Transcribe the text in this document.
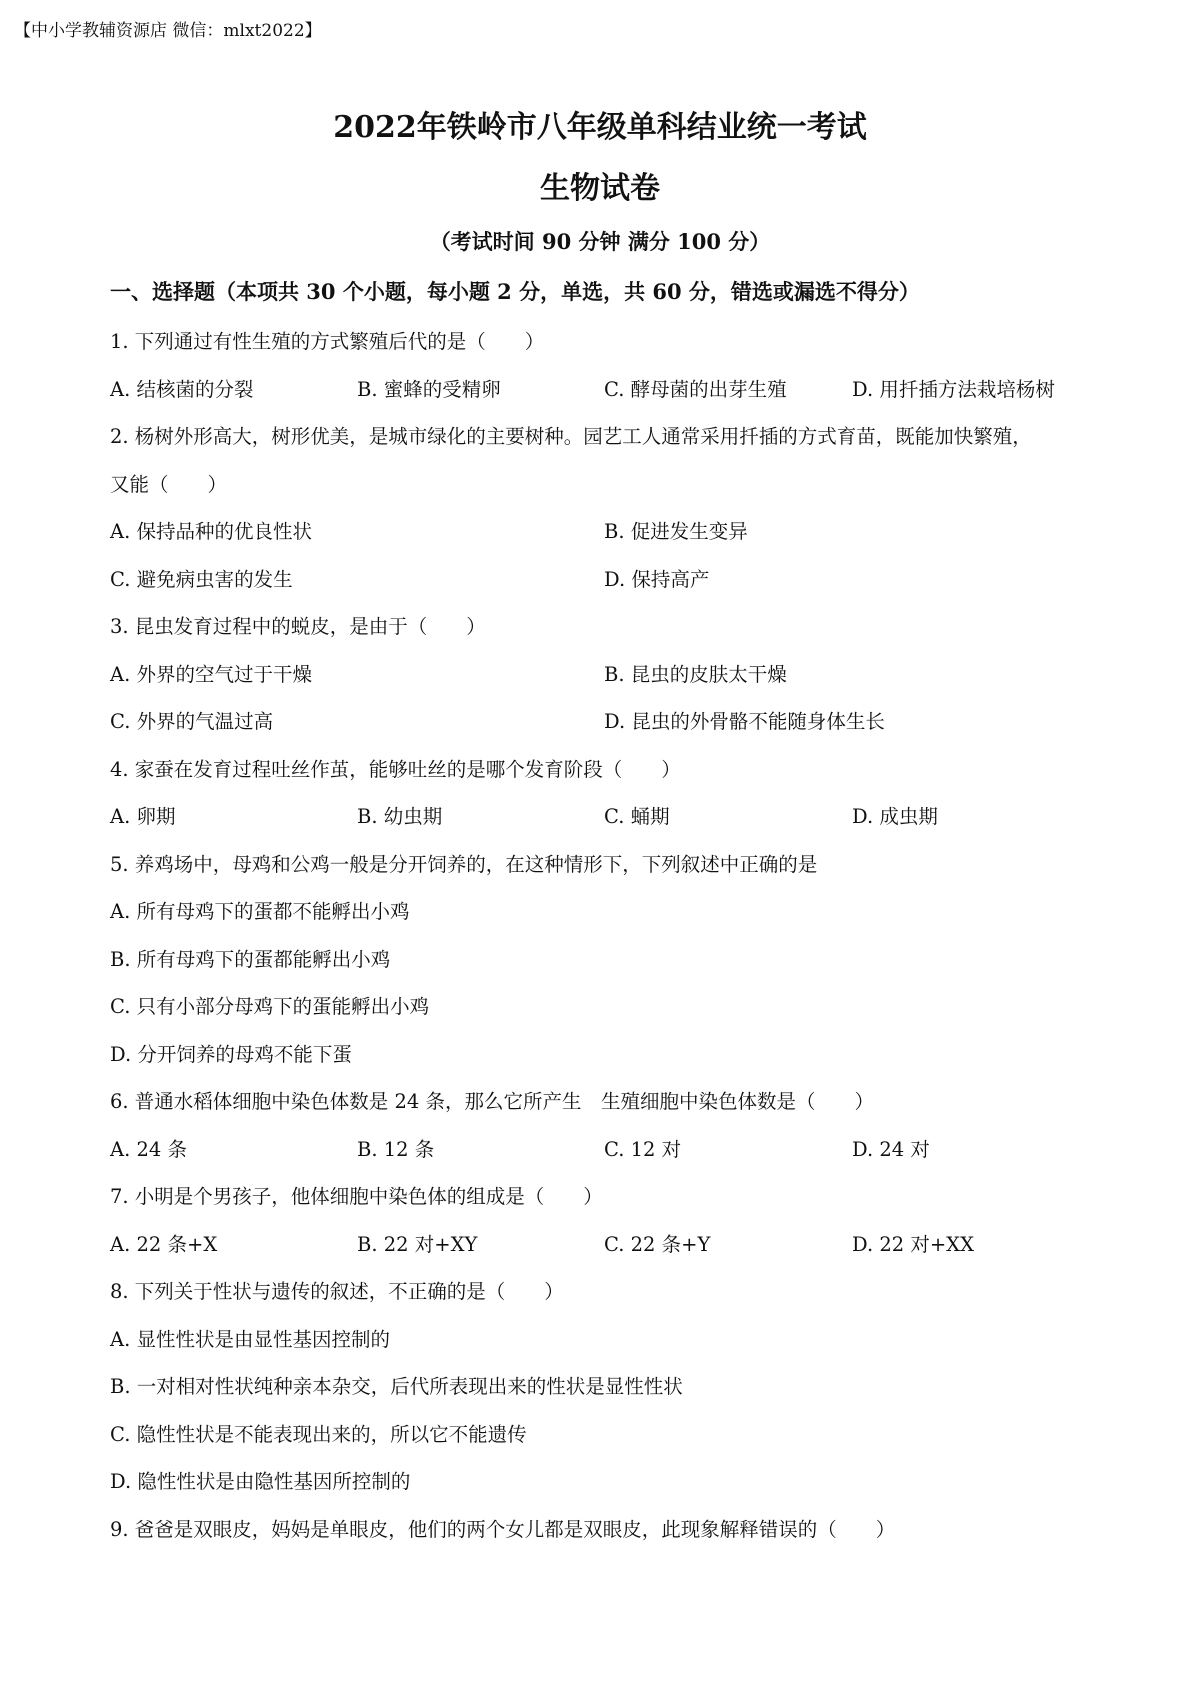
【中小学教辅资源店 微信：mlxt2022】
2022年铁岭市八年级单科结业统一考试
生物试卷
（考试时间 90 分钟 满分 100 分）
一、选择题（本项共 30 个小题，每小题 2 分，单选，共 60 分，错选或漏选不得分）
1. 下列通过有性生殖的方式繁殖后代的是（　　）
A. 结核菌的分裂	B. 蜜蜂的受精卵	C. 酵母菌的出芽生殖	D. 用扦插方法栽培杨树
2. 杨树外形高大，树形优美，是城市绿化的主要树种。园艺工人通常采用扦插的方式育苗，既能加快繁殖，
又能（　　）
A. 保持品种的优良性状	B. 促进发生变异
C. 避免病虫害的发生	D. 保持高产
3. 昆虫发育过程中的蜕皮，是由于（　　）
A. 外界的空气过于干燥	B. 昆虫的皮肤太干燥
C. 外界的气温过高	D. 昆虫的外骨骼不能随身体生长
4. 家蚕在发育过程吐丝作茧，能够吐丝的是哪个发育阶段（　　）
A. 卵期	B. 幼虫期	C. 蛹期	D. 成虫期
5. 养鸡场中，母鸡和公鸡一般是分开饲养的，在这种情形下，下列叙述中正确的是
A. 所有母鸡下的蛋都不能孵出小鸡
B. 所有母鸡下的蛋都能孵出小鸡
C. 只有小部分母鸡下的蛋能孵出小鸡
D. 分开饲养的母鸡不能下蛋
6. 普通水稻体细胞中染色体数是 24 条，那么它所产生　生殖细胞中染色体数是（　　）
A. 24 条	B. 12 条	C. 12 对	D. 24 对
7. 小明是个男孩子，他体细胞中染色体的组成是（　　）
A. 22 条+X	B. 22 对+XY	C. 22 条+Y	D. 22 对+XX
8. 下列关于性状与遗传的叙述，不正确的是（　　）
A. 显性性状是由显性基因控制的
B. 一对相对性状纯种亲本杂交，后代所表现出来的性状是显性性状
C. 隐性性状是不能表现出来的，所以它不能遗传
D. 隐性性状是由隐性基因所控制的
9. 爸爸是双眼皮，妈妈是单眼皮，他们的两个女儿都是双眼皮，此现象解释错误的（　　）
